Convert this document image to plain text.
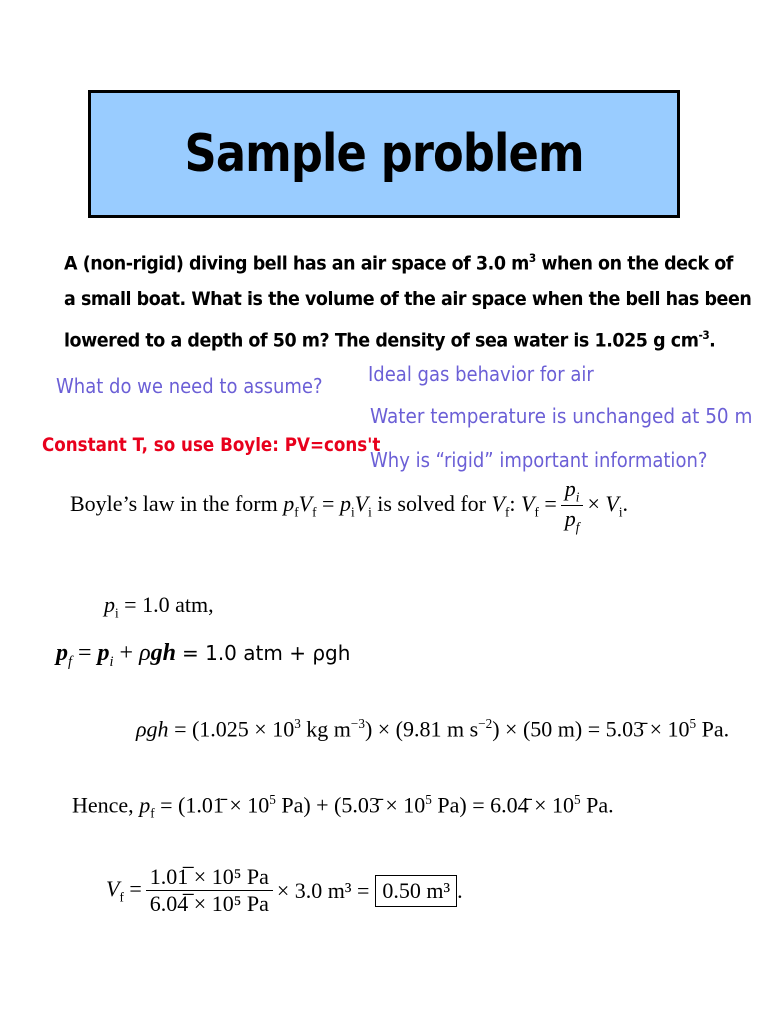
Sample problem
A (non-rigid) diving bell has an air space of 3.0 $m^3$ when on the deck of
a small boat. What is the volume of the air space when the bell has been
lowered to a depth of 50 m? The density of sea water is 1.025 g $cm^{-3}$.
What do we need to assume? Ideal gas behavior for air
Water temperature is unchanged at 50 m
Constant T, so use Boyle: PV=cons't
Why is “rigid” important information?
Boyle’s law in the form $p_fV_f = p_iV_i$ is solved for $V_f$: $V_f = \frac{p_i}{p_f} \times V_i$.
$p_i = 1.0$ atm,
$p_f = p_i + \rho gh = 1.0$ atm + ρgh
$\rho gh = (1.025 \times 10^3$ kg $m^{-3}) \times (9.81$ m $s^{-2}) \times (50$ m) = 5.03̄ × $10^5$ Pa.
Hence, $p_f$ = (1.01̄ × $10^5$ Pa) + (5.03̄ × $10^5$ Pa) = 6.04̄ × $10^5$ Pa.
$V_f = \frac{\text{1.01̅ × 10⁵ Pa}}{\text{6.04̅ × 10⁵ Pa}} \times 3.0$ m³ = 0.50 m³ .
